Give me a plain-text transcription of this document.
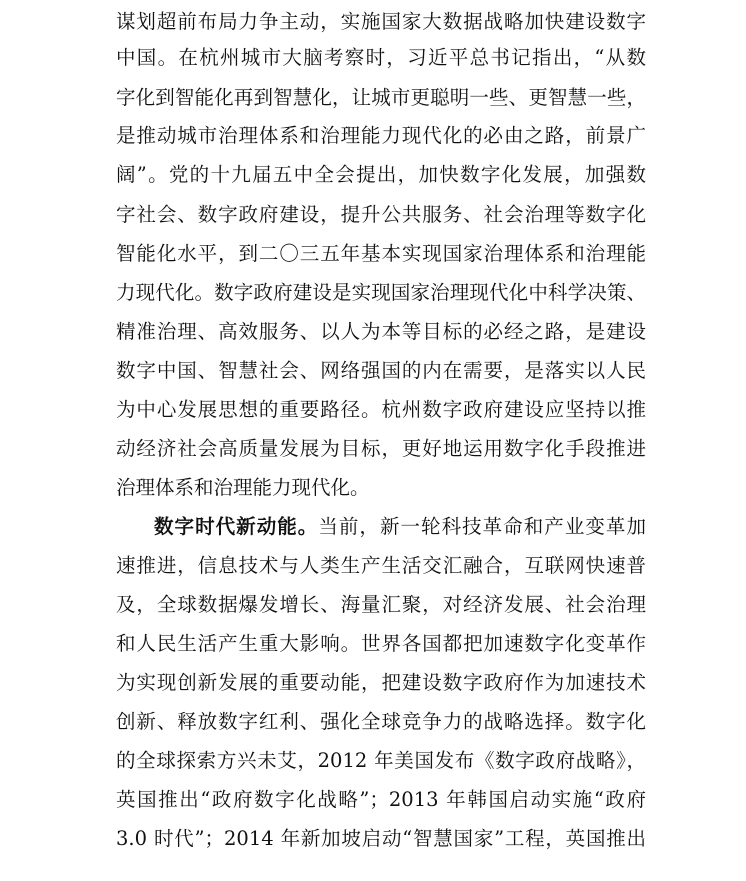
谋划超前布局力争主动，实施国家大数据战略加快建设数字

中国。在杭州城市大脑考察时，习近平总书记指出，“从数

字化到智能化再到智慧化，让城市更聪明一些、更智慧一些，

是推动城市治理体系和治理能力现代化的必由之路，前景广

阔”。党的十九届五中全会提出，加快数字化发展，加强数

字社会、数字政府建设，提升公共服务、社会治理等数字化

智能化水平，到二〇三五年基本实现国家治理体系和治理能

力现代化。数字政府建设是实现国家治理现代化中科学决策、

精准治理、高效服务、以人为本等目标的必经之路，是建设

数字中国、智慧社会、网络强国的内在需要，是落实以人民

为中心发展思想的重要路径。杭州数字政府建设应坚持以推

动经济社会高质量发展为目标，更好地运用数字化手段推进

治理体系和治理能力现代化。

数字时代新动能。当前，新一轮科技革命和产业变革加

速推进，信息技术与人类生产生活交汇融合，互联网快速普

及，全球数据爆发增长、海量汇聚，对经济发展、社会治理

和人民生活产生重大影响。世界各国都把加速数字化变革作

为实现创新发展的重要动能，把建设数字政府作为加速技术

创新、释放数字红利、强化全球竞争力的战略选择。数字化

的全球探索方兴未艾，2012 年美国发布《数字政府战略》，

英国推出“政府数字化战略”；2013 年韩国启动实施“政府

3.0 时代”；2014 年新加坡启动“智慧国家”工程，英国推出
